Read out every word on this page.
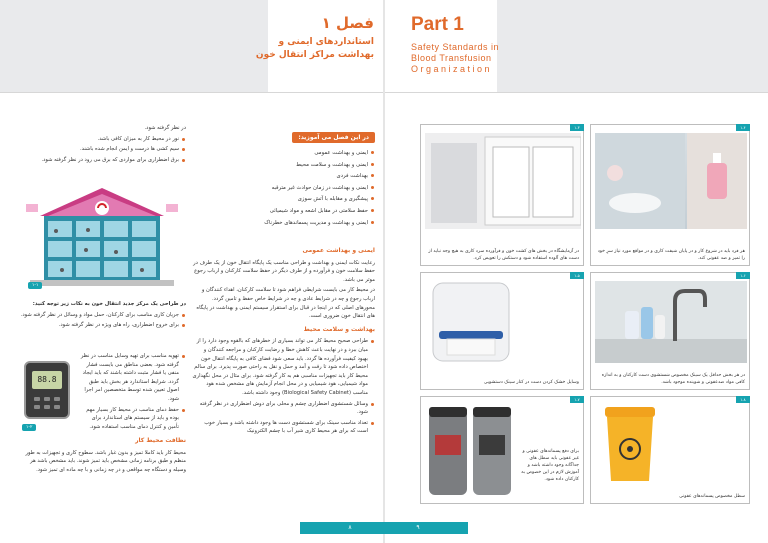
فصل ۱
استانداردهای ایمنی و
بهداشت مراکز انتقال خون
Part 1
Safety Standards in
Blood Transfusion
Organization
در این فصل می آموزید:
ایمنی و بهداشت عمومی
ایمنی و بهداشت و سلامت محیط
بهداشت فردی
ایمنی و بهداشت در زمان حوادث غیر مترقبه
پیشگیری و مقابله با آتش سوزی
حفظ سلامتی در مقابل اشعه و مواد شیمیائی
ایمنی و بهداشت و مدیریت پسماندهای خطرناک
ایمنی و بهداشت عمومی

رعایت نکات ایمنی و بهداشت و طراحی مناسب یک پایگاه انتقال خون از یک طرف در حفظ سلامت خون و فرآورده و از طرف دیگر در حفظ سلامت کارکنان و ارباب رجوع موثر می باشد.

در محیط کار می بایست شرایطی فراهم شود تا سلامت کارکنان، اهداء کنندگان و ارباب رجوع و چه در شرایط عادی و چه در شرایط خاص حفظ و تامین گردد. محورهای اصلی که در اینجا در قبال برای استقرار سیستم ایمنی و بهداشت در پایگاه های انتقال خون ضروری است.

بهداشت و سلامت محیط

طراحی صحیح محیط کار می تواند بسیاری از خطرهای که بالقوه وجود دارد را از میان ببرد و در نهایت باعث کاهش خطا و رضایت کارکنان و مراجعه کنندگان و بهبود کیفیت فرآورده ها گردد. باید سعی شود فضای کافی به پایگاه انتقال خون اختصاص داده شود تا رفت و آمد و حمل و نقل به راحتی صورت پذیرد. برای سالم محیط کار باید تجهیزات مناسبی هم به کار گرفته شود. برای مثال در محل نگهداری مواد شیمیایی، هود شیمیایی و در محل انجام آزمایش های مشخص شده هود مناسب (Biological Safety Cabinet) وجود داشته باشد.

وسائل شستشوی اضطراری چشم و محلی برای دوش اضطراری در نظر گرفته شود.

تعداد مناسب سینک برای شستشوی دست ها وجود داشته باشد و بسیار خوب است که برای هر محیط کاری شیر آب با چشم الکترونیک

در نظر گرفته شود.

نور در محیط کار به میزان کافی باشد.

سیم کشی ها درست و ایمن انجام شده باشند.

برق اضطراری برای مواردی که برق می رود در نظر گرفته شود.

۱-۱

در طراحی یک مرکز جدید انتقال خون به نکات زیر توجه کنید:

جریان کاری مناسب برای کارکنان، حمل مواد و وسائل در نظر گرفته شود.

برای خروج اضطراری، راه های ویژه در نظر گرفته شود.

تهویه مناسب برای تهیه وسایل مناسب در نظر گرفته شود. بعضی مناطق می بایست فشار منفی یا فشار مثبت داشته باشند که باید ایجاد گردد. شرایط استاندارد هر بخش باید طبق اصول تعیین شده توسط متخصصین امر اجرا شود.

حفظ دمای مناسب در محیط کار بسیار مهم بوده و باید از سیستم های استاندارد برای تأمین و کنترل دمای مناسب استفاده شود.

88.8
۱-۲
نظافت محیط کار

محیط کار باید کاملا تمیز و بدون غبار باشد. سطوح کاری و تجهیزات به طور منظم و طبق برنامه زمانی مشخص باید تمیز شوند. باید مشخص باشد هر وسیله و دستگاه چه مواقعی و در چه زمانی و با چه ماده ای تمیز شود.

۸	۹
۱-۴
هر فرد باید در شروع کار و در پایان شیفت کاری و در مواقع مورد نیاز سرِ خود را تمیز و ضد عفونی کند.
۱-۳
در آزمایشگاه در بخش های کشت خون و فرآورده سرد کاری به هیچ وجه نباید از دست های آلوده استفاده شود و دستکش را تعویض کرد.
۱-۶
در هر بخش حداقل یک سینک مخصوص شستشوی دست کارکنان و به اندازه کافی مواد ضدعفونی و شوینده موجود باشد.
۱-۵
وسایل خشک کردن دست در کنار سینک دستشویی
۱-۸
سطل مخصوص پسماندهای عفونی
۱-۷
برای دفع پسماندهای عفونی و غیر عفونی باید سطل های جداگانه وجود داشته باشد و آموزش لازم در این خصوص به کارکنان داده شود.
